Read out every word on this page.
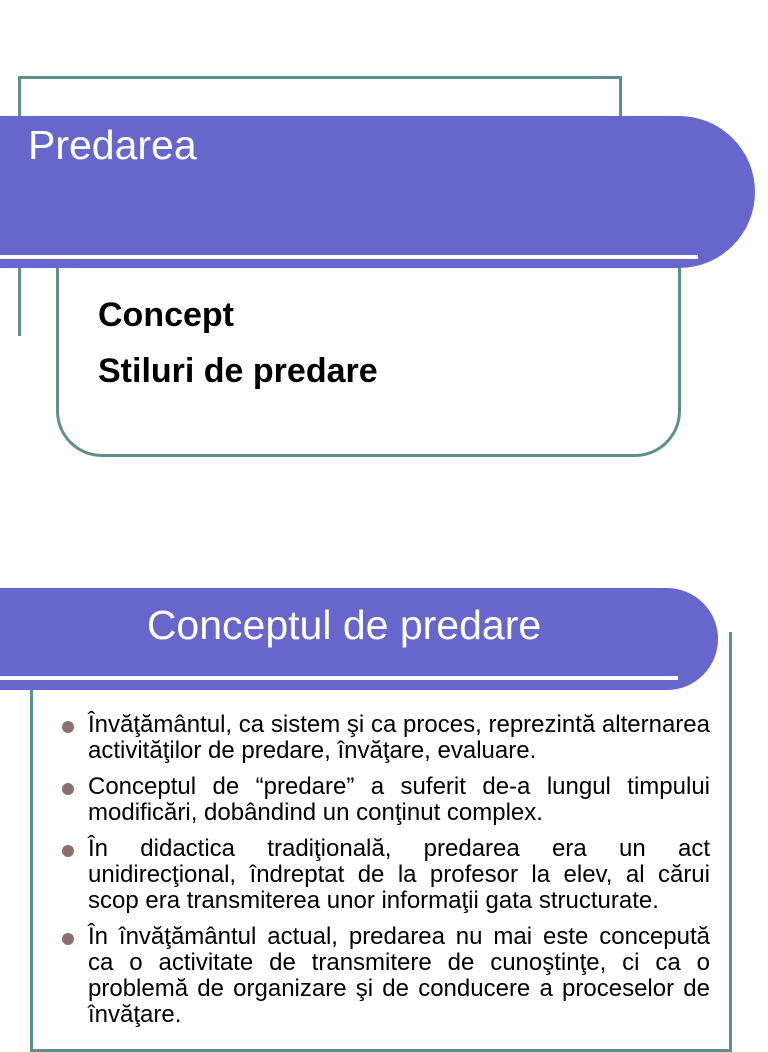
Predarea
Concept
Stiluri de predare
Conceptul de predare
Învăţământul, ca sistem şi ca proces, reprezintă alternarea activităţilor de predare, învăţare, evaluare.
Conceptul de “predare” a suferit de-a lungul timpului modificări, dobândind un conţinut complex.
În didactica tradiţională, predarea era un act unidirecţional, îndreptat de la profesor la elev, al cărui scop era transmiterea unor informaţii gata structurate.
În învăţământul actual, predarea nu mai este concepută ca o activitate de transmitere de cunoştinţe, ci ca o problemă de organizare şi de conducere a proceselor de învăţare.
